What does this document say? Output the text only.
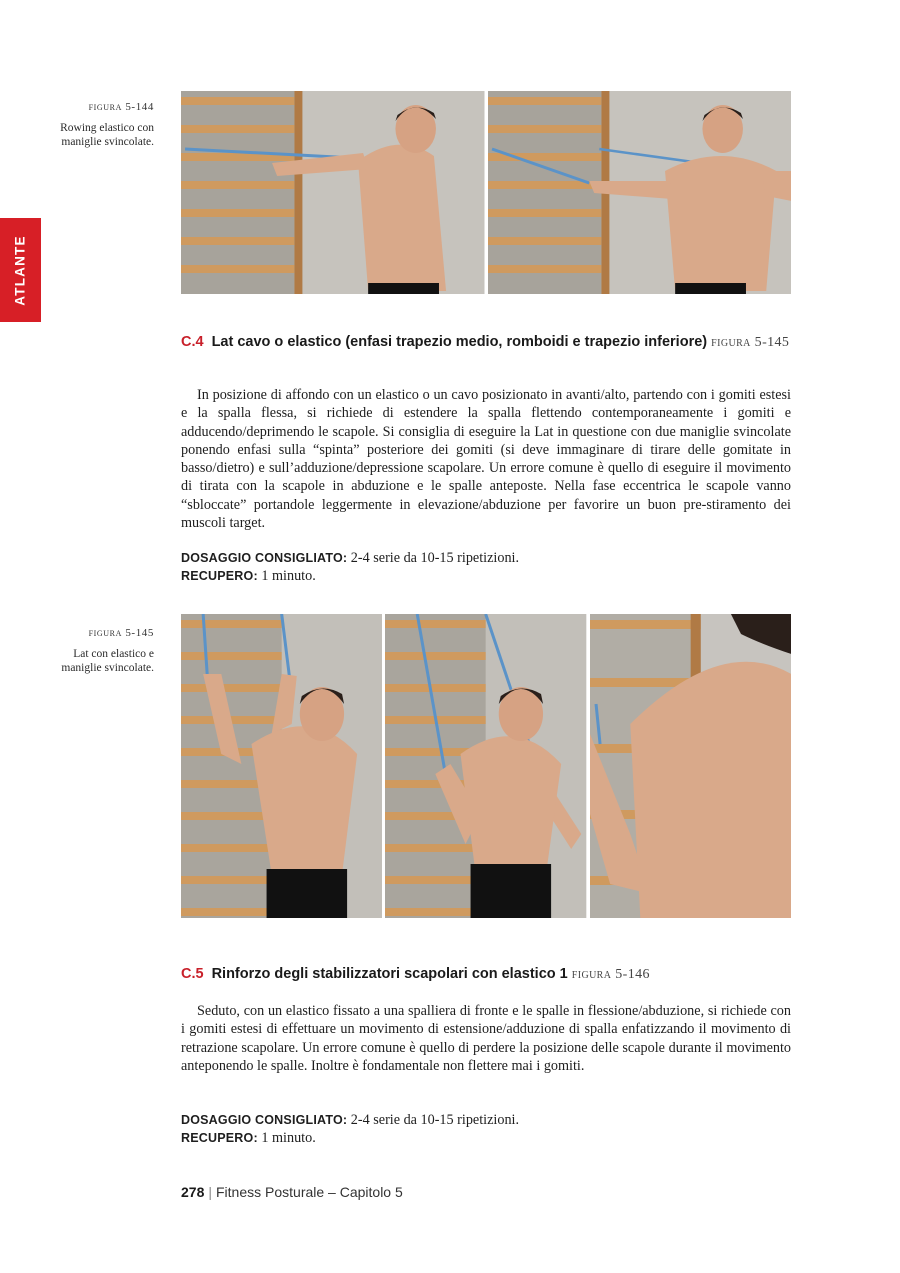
ATLANTE
figura 5-144
Rowing elastico con maniglie svincolate.
C.4 Lat cavo o elastico (enfasi trapezio medio, romboidi e trapezio inferiore) figura 5-145

In posizione di affondo con un elastico o un cavo posizionato in avanti/alto, partendo con i gomiti estesi e la spalla flessa, si richiede di estendere la spalla flettendo contemporaneamente i gomiti e adducendo/deprimendo le scapole. Si consiglia di eseguire la Lat in questione con due maniglie svincolate ponendo enfasi sulla “spinta” posteriore dei gomiti (si deve immaginare di tirare delle gomitate in basso/dietro) e sull’adduzione/depressione scapolare. Un errore comune è quello di eseguire il movimento di tirata con la scapole in abduzione e le spalle anteposte. Nella fase eccentrica le scapole vanno “sbloccate” portandole leggermente in elevazione/abduzione per favorire un buon pre-stiramento dei muscoli target.

DOSAGGIO CONSIGLIATO: 2-4 serie da 10-15 ripetizioni.
RECUPERO: 1 minuto.
figura 5-145
Lat con elastico e maniglie svincolate.
C.5 Rinforzo degli stabilizzatori scapolari con elastico 1 figura 5-146

Seduto, con un elastico fissato a una spalliera di fronte e le spalle in flessione/abduzione, si richiede con i gomiti estesi di effettuare un movimento di estensione/adduzione di spalla enfatizzando il movimento di retrazione scapolare. Un errore comune è quello di perdere la posizione delle scapole durante il movimento anteponendo le spalle. Inoltre è fondamentale non flettere mai i gomiti.

DOSAGGIO CONSIGLIATO: 2-4 serie da 10-15 ripetizioni.
RECUPERO: 1 minuto.
278 | Fitness Posturale – Capitolo 5
